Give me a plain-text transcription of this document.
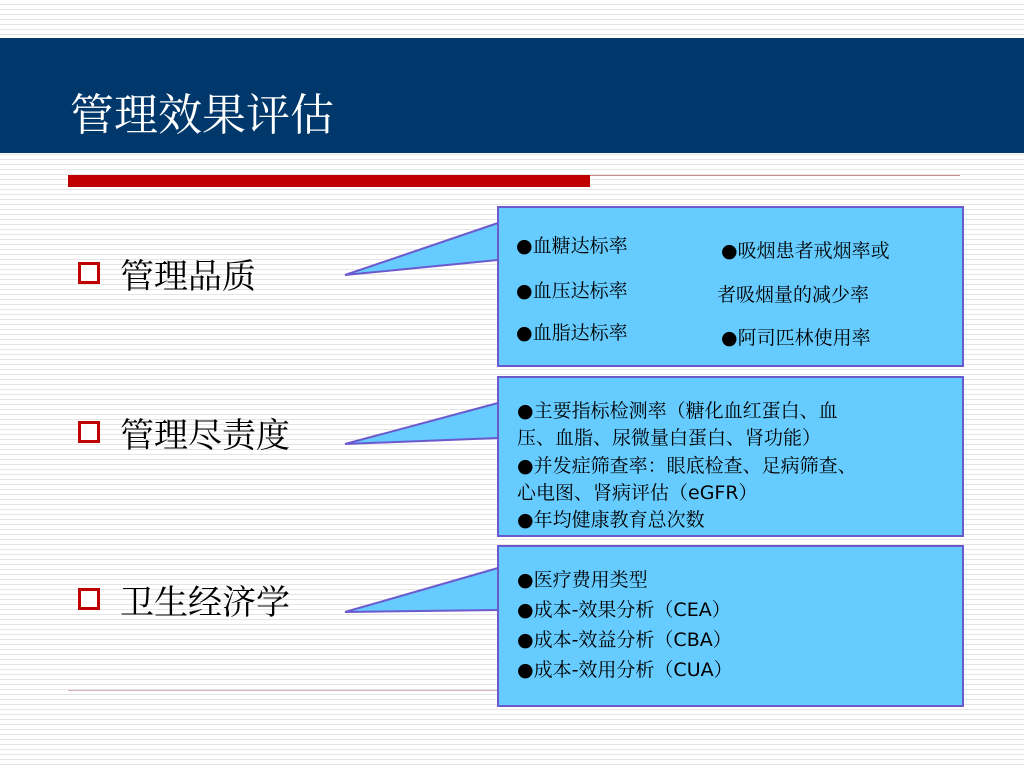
管理效果评估
管理品质
管理尽责度
卫生经济学
●血糖达标率
●血压达标率
●血脂达标率
●吸烟患者戒烟率或
者吸烟量的减少率
●阿司匹林使用率
●主要指标检测率（糖化血红蛋白、血
压、血脂、尿微量白蛋白、肾功能）
●并发症筛查率：眼底检查、足病筛查、
心电图、肾病评估（eGFR）
●年均健康教育总次数
●医疗费用类型
●成本-效果分析（CEA）
●成本-效益分析（CBA）
●成本-效用分析（CUA）
